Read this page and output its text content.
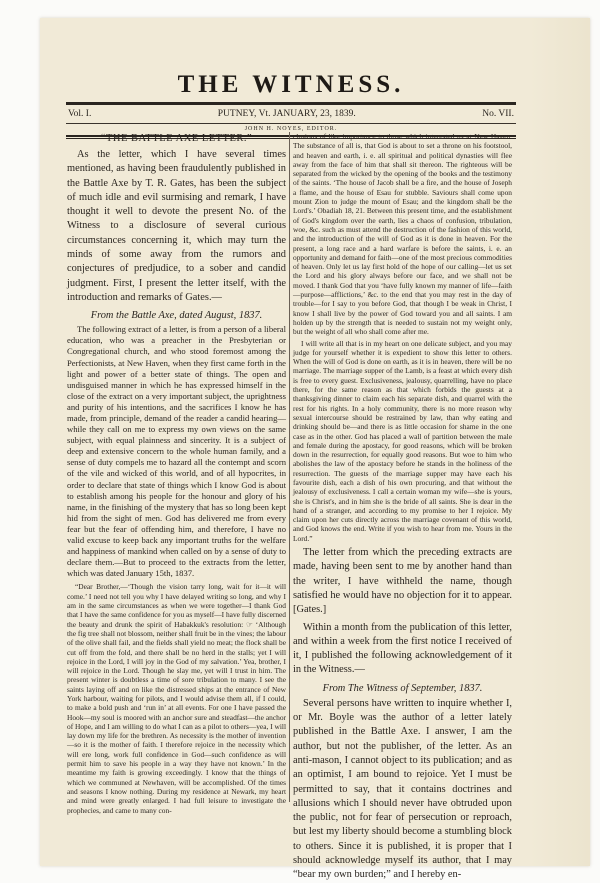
THE WITNESS.
Vol. I.	PUTNEY, Vt. JANUARY, 23, 1839.	No. VII.
JOHN H. NOYES, EDITOR.

“THE BATTLE AXE LETTER.”

As the letter, which I have several times mentioned, as having been fraudulently published in the Battle Axe by T. R. Gates, has been the subject of much idle and evil surmising and remark, I have thought it well to devote the present No. of the Witness to a disclosure of several curious circumstances concerning it, which may turn the minds of some away from the rumors and conjectures of predjudice, to a sober and candid judgment. First, I present the letter itself, with the introduction and remarks of Gates.—

From the Battle Axe, dated August, 1837.

The following extract of a letter, is from a person of a liberal education, who was a preacher in the Presbyterian or Congregational church, and who stood foremost among the Perfectionists, at New Haven, when they first came forth in the light and power of a better state of things. The open and undisguised manner in which he has expressed himself in the close of the extract on a very important subject, the uprightness and purity of his intentions, and the sacrifices I know he has made, from principle, demand of the reader a candid hearing—while they call on me to express my own views on the same subject, with equal plainness and sincerity. It is a subject of deep and extensive concern to the whole human family, and a sense of duty compels me to hazard all the contempt and scorn of the vile and wicked of this world, and of all hypocrites, in order to declare that state of things which I know God is about to establish among his people for the honour and glory of his name, in the finishing of the mystery that has so long been kept hid from the sight of men. God has delivered me from every fear but the fear of offending him, and therefore, I have no valid excuse to keep back any important truths for the welfare and happiness of mankind when called on by a sense of duty to declare them.—But to proceed to the extracts from the letter, which was dated January 15th, 1837.

“Dear Brother,—‘Though the vision tarry long, wait for it—it will come.’ I need not tell you why I have delayed writing so long, and why I am in the same circumstances as when we were together—I thank God that I have the same confidence for you as myself—I have fully discerned the beauty and drunk the spirit of Habakkuk's resolution: ☞ ‘Although the fig tree shall not blossom, neither shall fruit be in the vines; the labour of the olive shall fail, and the fields shall yield no meat; the flock shall be cut off from the fold, and there shall be no herd in the stalls; yet I will rejoice in the Lord, I will joy in the God of my salvation.’ Yea, brother, I will rejoice in the Lord. Though he slay me, yet will I trust in him. The present winter is doubtless a time of sore tribulation to many. I see the saints laying off and on like the distressed ships at the entrance of New York harbour, waiting for pilots, and I would advise them all, if I could, to make a bold push and ‘run in’ at all events. For one I have passed the Hook—my soul is moored with an anchor sure and steadfast—the anchor of Hope, and I am willing to do what I can as a pilot to others—yea, I will lay down my life for the brethren. As necessity is the mother of invention—so it is the mother of faith. I therefore rejoice in the necessity which will ere long, work full confidence in God—such confidence as will permit him to save his people in a way they have not known.’ In the meantime my faith is growing exceedingly. I know that the things of which we communed at Newhaven, will be accomplished. Of the times and seasons I know nothing. During my residence at Newark, my heart and mind were greatly enlarged. I had full leisure to investigate the prophecies, and came to many con-

clusions of like importance to those which interested us at New Haven. The substance of all is, that God is about to set a throne on his footstool, and heaven and earth, i. e. all spiritual and political dynasties will flee away from the face of him that shall sit thereon. The righteous will be separated from the wicked by the opening of the books and the testimony of the saints. ‘The house of Jacob shall be a fire, and the house of Joseph a flame, and the house of Esau for stubble. Saviours shall come upon mount Zion to judge the mount of Esau; and the kingdom shall be the Lord's.’ Obadiah 18, 21. Between this present time, and the establishment of God's kingdom over the earth, lies a chaos of confusion, tribulation, woe, &c. such as must attend the destruction of the fashion of this world, and the introduction of the will of God as it is done in heaven. For the present, a long race and a hard warfare is before the saints, i. e. an opportunity and demand for faith—one of the most precious commodities of heaven. Only let us lay first hold of the hope of our calling—let us set the Lord and his glory always before our face, and we shall not be moved. I thank God that you ‘have fully known my manner of life—faith—purpose—afflictions,’ &c. to the end that you may rest in the day of trouble—for I say to you before God, that though I be weak in Christ, I know I shall live by the power of God toward you and all saints. I am holden up by the strength that is needed to sustain not my weight only, but the weight of all who shall come after me.

I will write all that is in my heart on one delicate subject, and you may judge for yourself whether it is expedient to show this letter to others. When the will of God is done on earth, as it is in heaven, there will be no marriage. The marriage supper of the Lamb, is a feast at which every dish is free to every guest. Exclusiveness, jealousy, quarrelling, have no place there, for the same reason as that which forbids the guests at a thanksgiving dinner to claim each his separate dish, and quarrel with the rest for his rights. In a holy community, there is no more reason why sexual intercourse should be restrained by law, than why eating and drinking should be—and there is as little occasion for shame in the one case as in the other. God has placed a wall of partition between the male and female during the apostacy, for good reasons, which will be broken down in the resurrection, for equally good reasons. But woe to him who abolishes the law of the apostacy before he stands in the holiness of the resurrection. The guests of the marriage supper may have each his favourite dish, each a dish of his own procuring, and that without the jealousy of exclusiveness. I call a certain woman my wife—she is yours, she is Christ's, and in him she is the bride of all saints. She is dear in the hand of a stranger, and according to my promise to her I rejoice. My claim upon her cuts directly across the marriage covenant of this world, and God knows the end. Write if you wish to hear from me. Yours in the Lord.”

The letter from which the preceding extracts are made, having been sent to me by another hand than the writer, I have withheld the name, though satisfied he would have no objection for it to appear. [Gates.]

Within a month from the publication of this letter, and within a week from the first notice I received of it, I published the following acknowledgement of it in the Witness.—

From The Witness of September, 1837.

Several persons have written to inquire whether I, or Mr. Boyle was the author of a letter lately published in the Battle Axe. I answer, I am the author, but not the publisher, of the letter. As an anti-mason, I cannot object to its publication; and as an optimist, I am bound to rejoice. Yet I must be permitted to say, that it contains doctrines and allusions which I should never have obtruded upon the public, not for fear of persecution or reproach, but lest my liberty should become a stumbling block to others. Since it is published, it is proper that I should acknowledge myself its author, that I may “bear my own burden;” and I hereby en-
